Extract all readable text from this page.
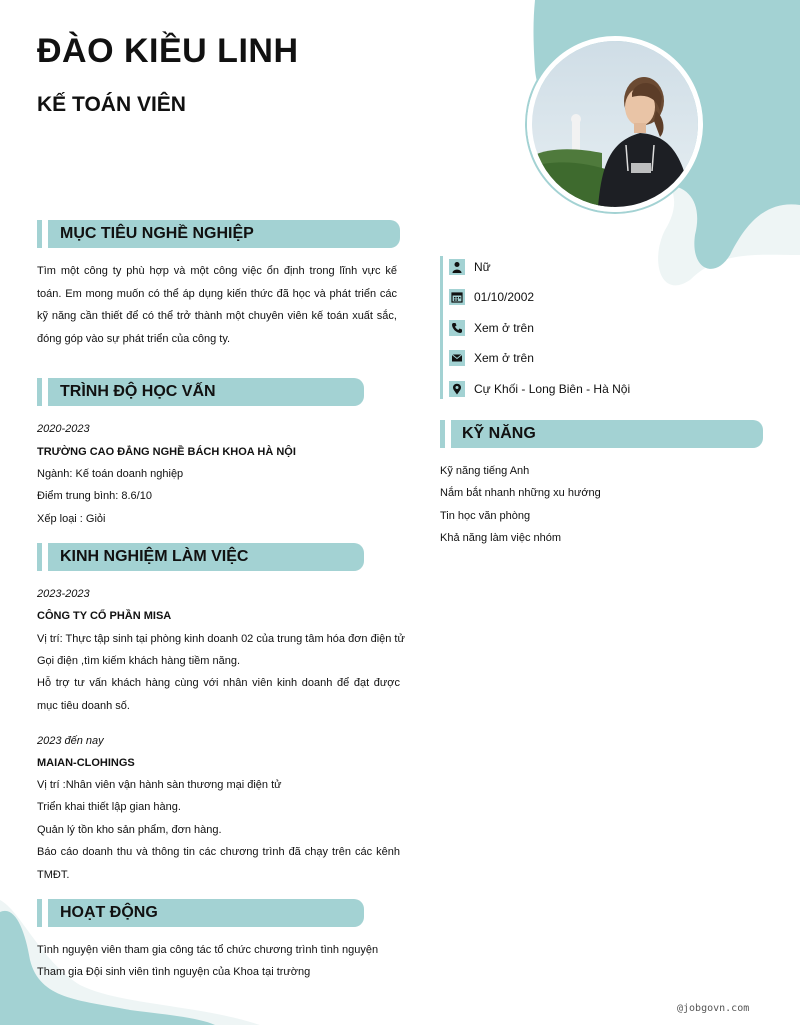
ĐÀO KIỀU LINH
KẾ TOÁN VIÊN
MỤC TIÊU NGHỀ NGHIỆP

Tìm một công ty phù hợp và một công việc ổn định trong lĩnh vực kế toán. Em mong muốn có thể áp dụng kiến thức đã học và phát triển các kỹ năng cần thiết để có thể trở thành một chuyên viên kế toán xuất sắc, đóng góp vào sự phát triển của công ty.

TRÌNH ĐỘ HỌC VẤN
2020-2023
TRƯỜNG CAO ĐẲNG NGHỀ BÁCH KHOA HÀ NỘI
Ngành: Kế toán doanh nghiệp
Điểm trung bình: 8.6/10
Xếp loại : Giỏi
KINH NGHIỆM LÀM VIỆC
2023-2023
CÔNG TY CỔ PHẦN MISA
Vị trí: Thực tập sinh tại phòng kinh doanh 02 của trung tâm hóa đơn điện tử
Gọi điện ,tìm kiếm khách hàng tiềm năng.

Hỗ trợ tư vấn khách hàng cùng với nhân viên kinh doanh để đạt được mục tiêu doanh số.

2023 đến nay
MAIAN-CLOHINGS
Vị trí :Nhân viên vận hành sàn thương mại điện tử
Triển khai thiết lập gian hàng.
Quản lý tồn kho sản phẩm, đơn hàng.

Báo cáo doanh thu và thông tin các chương trình đã chạy trên các kênh TMĐT.

HOẠT ĐỘNG
Tình nguyện viên tham gia công tác tổ chức chương trình tình nguyện
Tham gia Đội sinh viên tình nguyện của Khoa tại trường
Nữ
01/10/2002
Xem ở trên
Xem ở trên
Cự Khối - Long Biên - Hà Nội
KỸ NĂNG
Kỹ năng tiếng Anh
Nắm bắt nhanh những xu hướng
Tin học văn phòng
Khả năng làm việc nhóm
@jobgovn.com
